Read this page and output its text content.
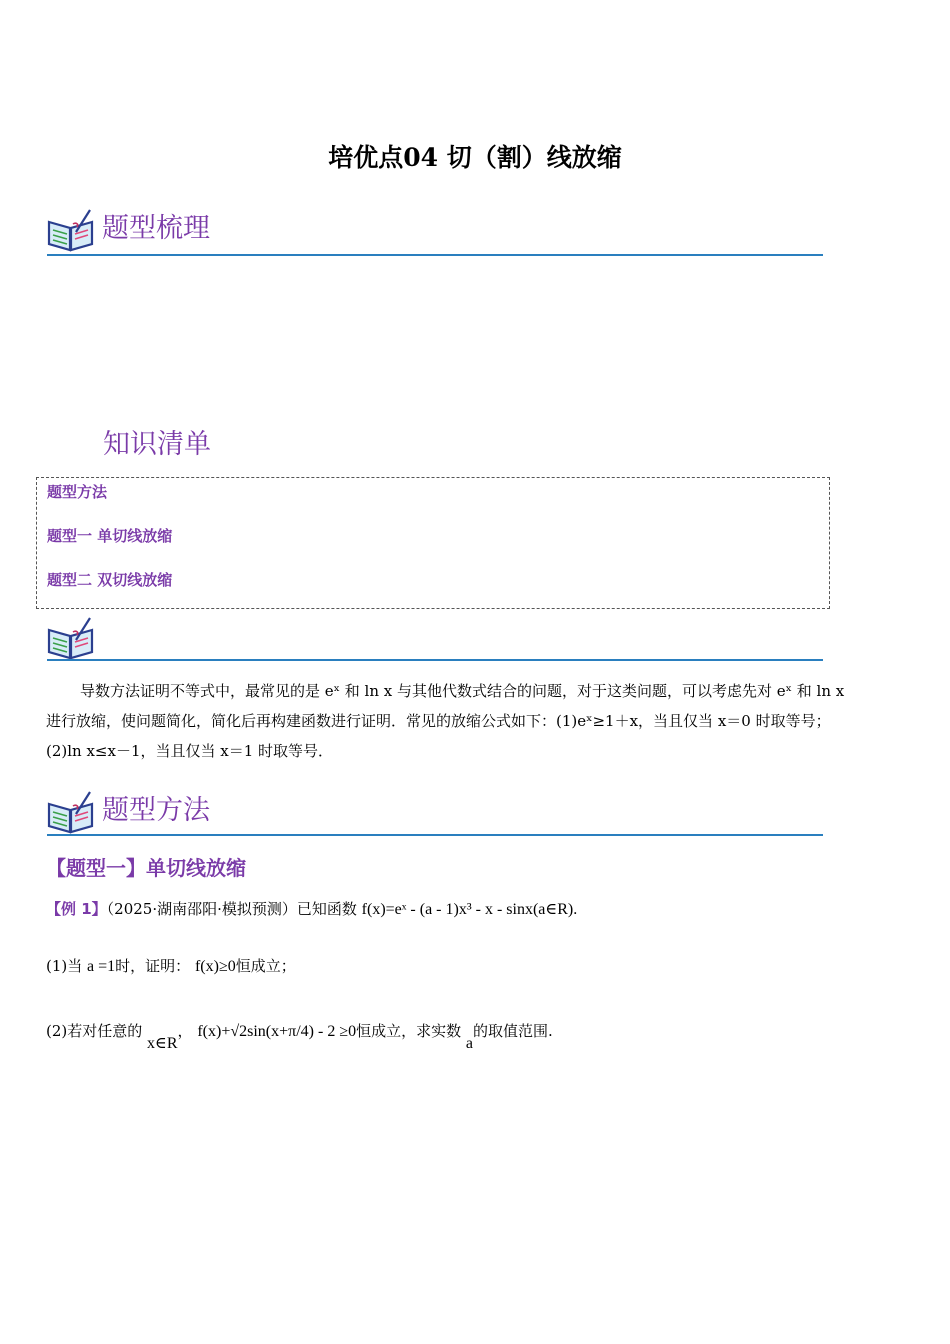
培优点04 切（割）线放缩
题型梳理
知识清单
题型方法
题型一 单切线放缩
题型二 双切线放缩
导数方法证明不等式中，最常见的是 eˣ 和 ln x 与其他代数式结合的问题，对于这类问题，可以考虑先对 eˣ 和 ln x
进行放缩，使问题简化，简化后再构建函数进行证明．常见的放缩公式如下：(1)eˣ≥1＋x，当且仅当 x＝0 时取等号；
(2)ln x≤x－1，当且仅当 x＝1 时取等号．
题型方法
【题型一】单切线放缩
【例 1】（2025·湖南邵阳·模拟预测）已知函数 f(x)=eˣ - (a - 1)x³ - x - sinx(a∈R).
(1)当 a =1时，证明： f(x)≥0恒成立；
(2)若对任意的 x∈R， f(x)+√2sin(x+π/4) - 2 ≥0恒成立，求实数 a的取值范围.
